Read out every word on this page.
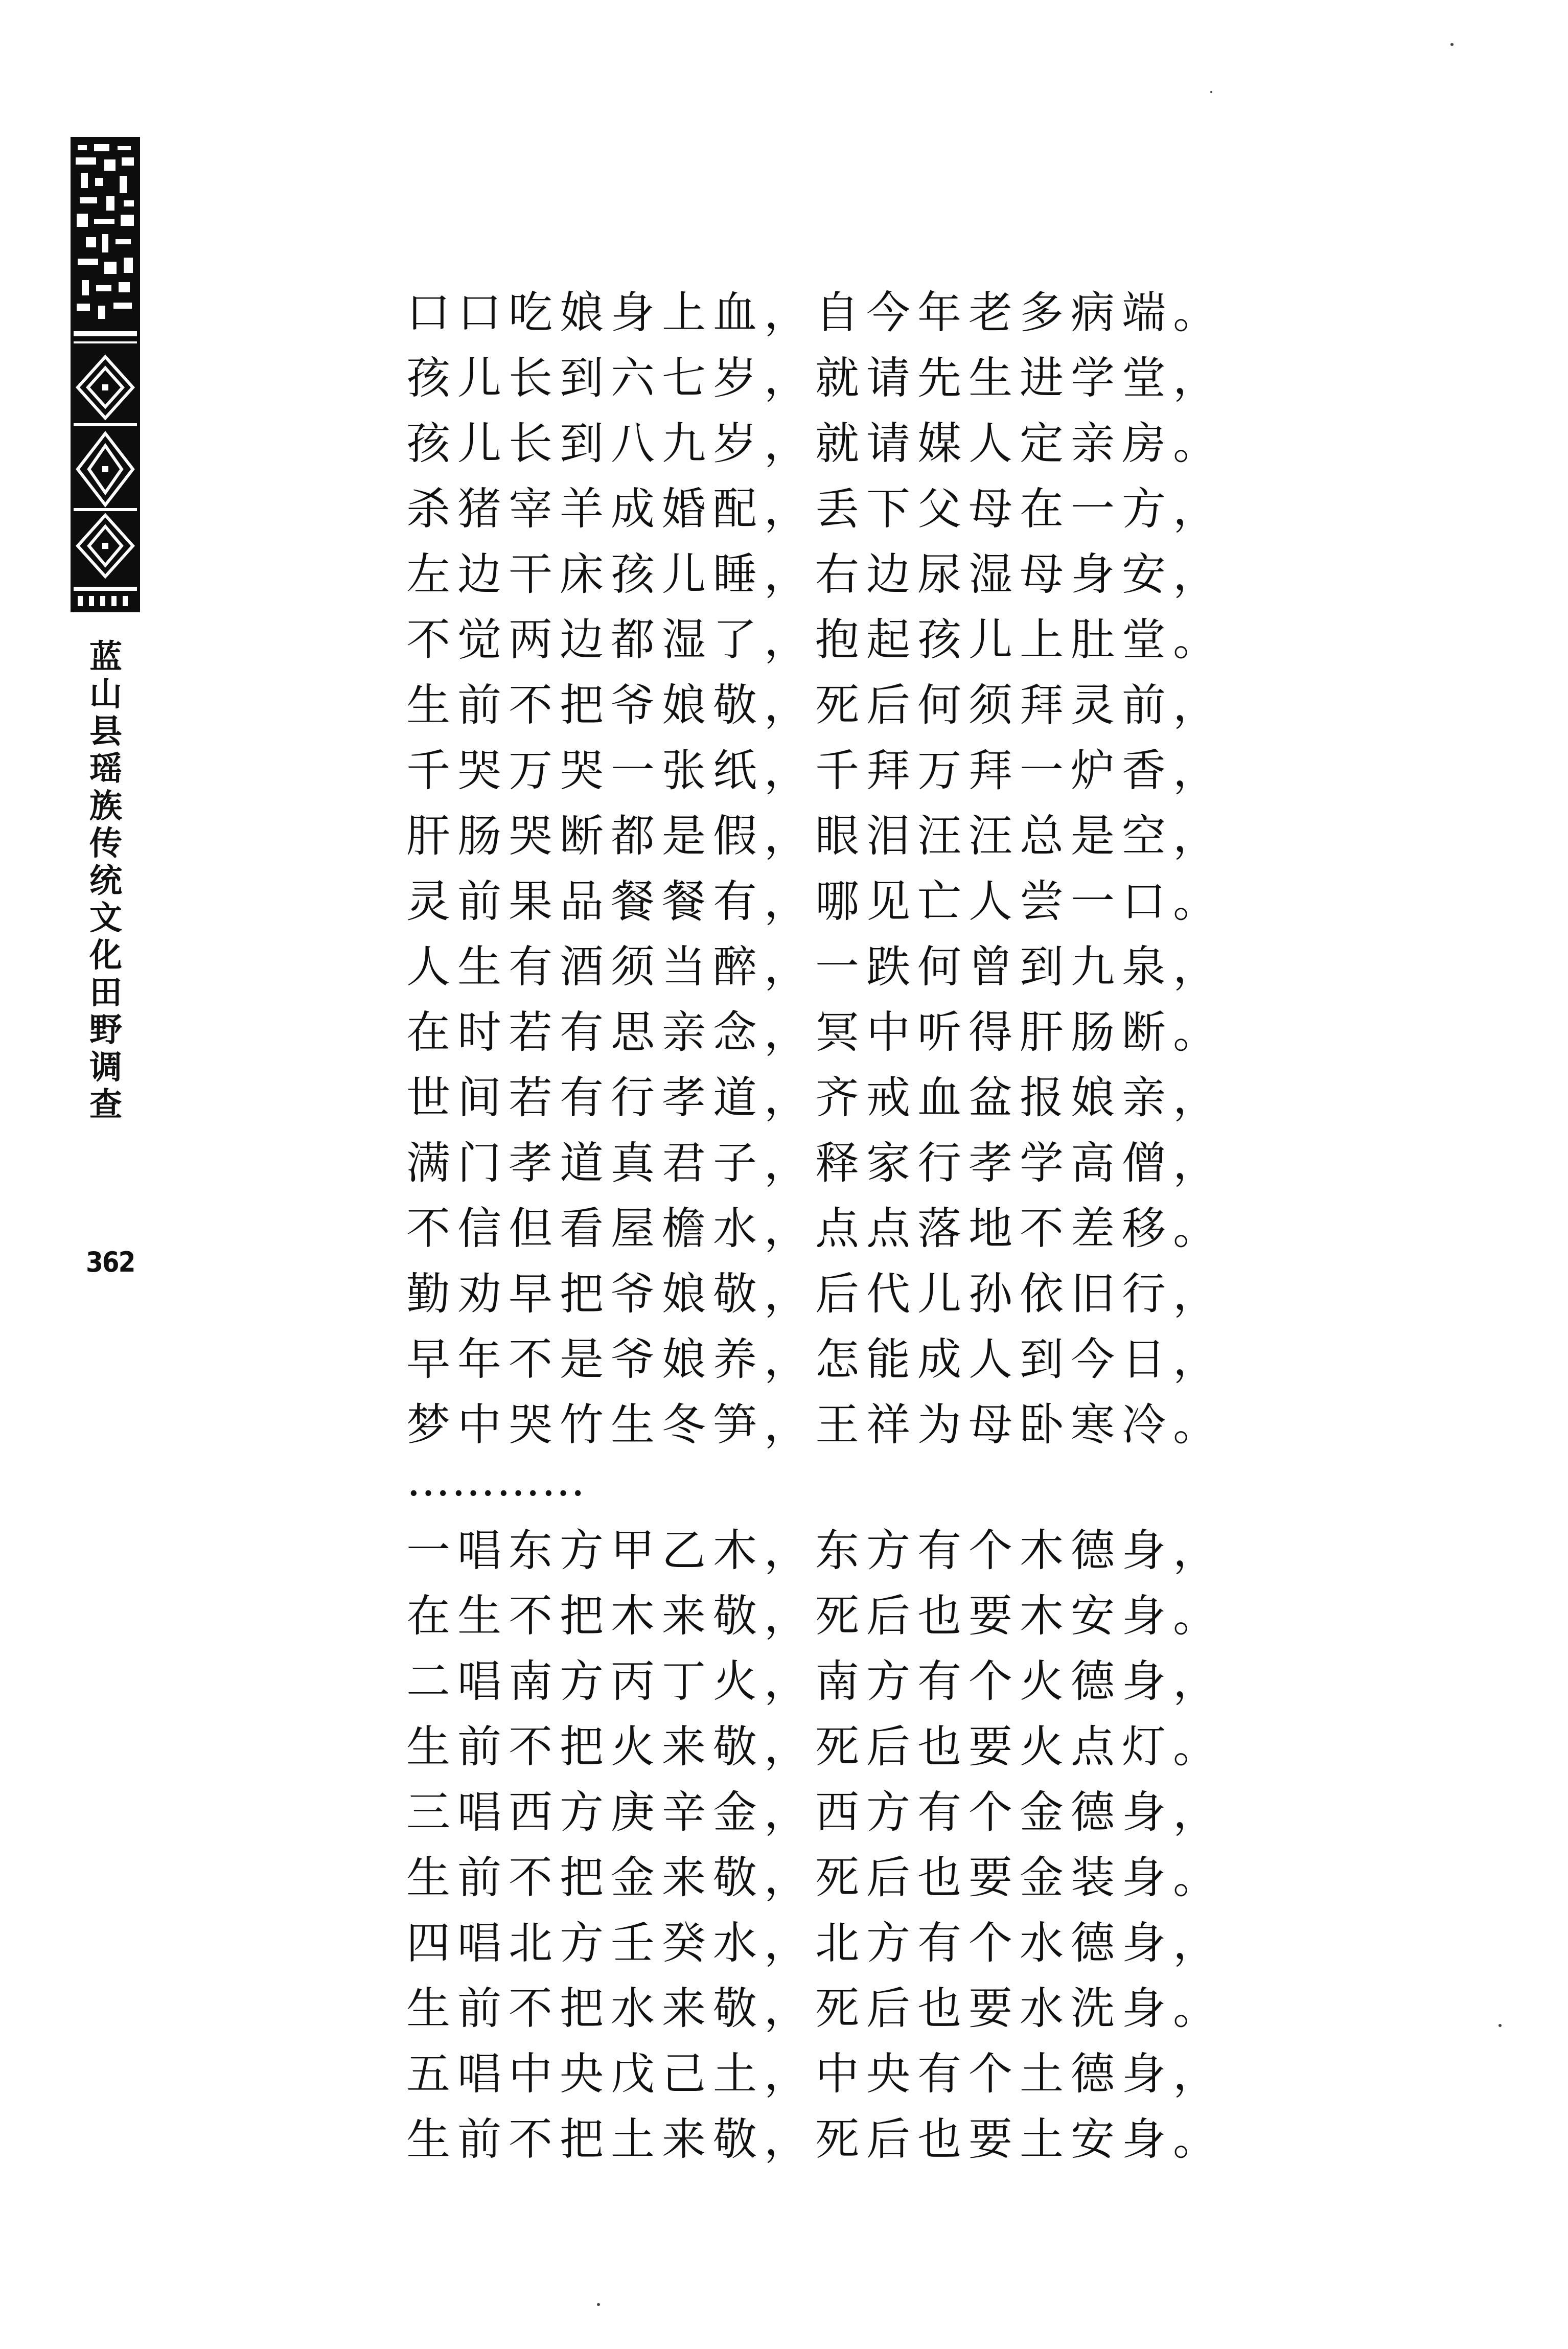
蓝
山
县
瑶
族
传
统
文
化
田
野
调
查
362
口口吃娘身上血，自今年老多病端。
孩儿长到六七岁，就请先生进学堂，
孩儿长到八九岁，就请媒人定亲房。
杀猪宰羊成婚配，丢下父母在一方，
左边干床孩儿睡，右边尿湿母身安，
不觉两边都湿了，抱起孩儿上肚堂。
生前不把爷娘敬，死后何须拜灵前，
千哭万哭一张纸，千拜万拜一炉香，
肝肠哭断都是假，眼泪汪汪总是空，
灵前果品餐餐有，哪见亡人尝一口。
人生有酒须当醉，一跌何曾到九泉，
在时若有思亲念，冥中听得肝肠断。
世间若有行孝道，齐戒血盆报娘亲，
满门孝道真君子，释家行孝学高僧，
不信但看屋檐水，点点落地不差移。
勤劝早把爷娘敬，后代儿孙依旧行，
早年不是爷娘养，怎能成人到今日，
梦中哭竹生冬笋，王祥为母卧寒冷。
…………
一唱东方甲乙木，东方有个木德身，
在生不把木来敬，死后也要木安身。
二唱南方丙丁火，南方有个火德身，
生前不把火来敬，死后也要火点灯。
三唱西方庚辛金，西方有个金德身，
生前不把金来敬，死后也要金装身。
四唱北方壬癸水，北方有个水德身，
生前不把水来敬，死后也要水洗身。
五唱中央戊己土，中央有个土德身，
生前不把土来敬，死后也要土安身。
